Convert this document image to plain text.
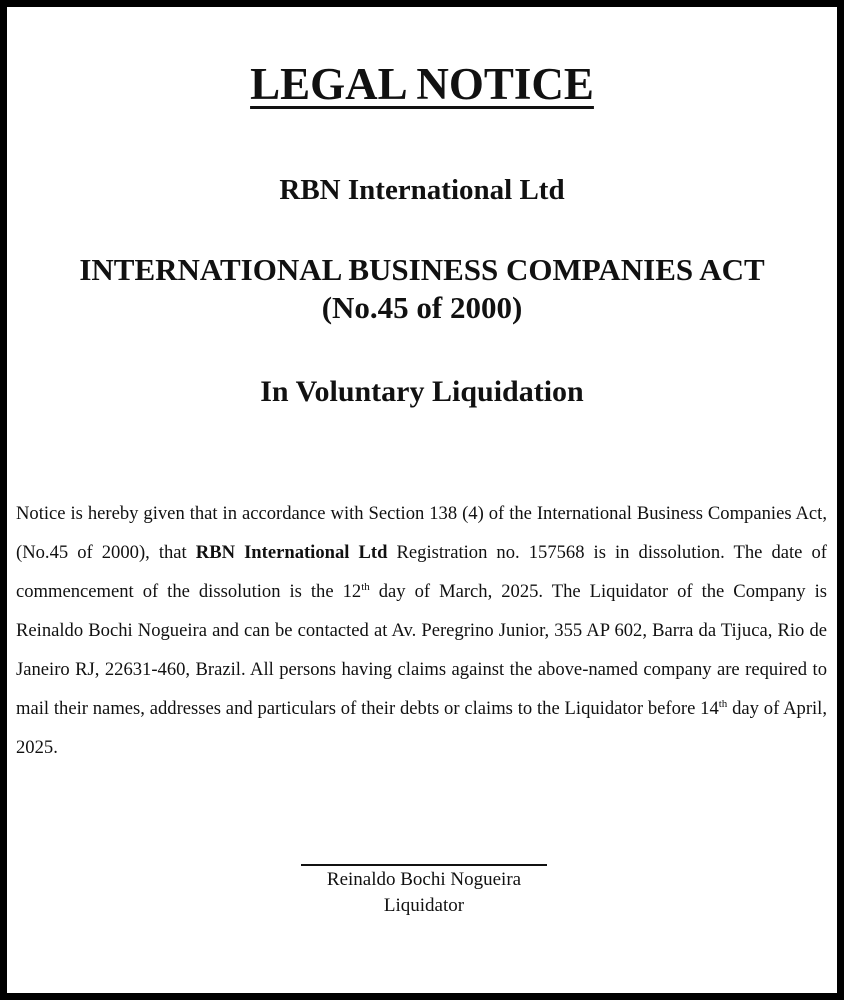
LEGAL NOTICE
RBN International Ltd
INTERNATIONAL BUSINESS COMPANIES ACT
(No.45 of 2000)
In Voluntary Liquidation
Notice is hereby given that in accordance with Section 138 (4) of the International Business Companies Act, (No.45 of 2000), that RBN International Ltd Registration no. 157568 is in dissolution. The date of commencement of the dissolution is the 12th day of March, 2025. The Liquidator of the Company is Reinaldo Bochi Nogueira and can be contacted at Av. Peregrino Junior, 355 AP 602, Barra da Tijuca, Rio de Janeiro RJ, 22631-460, Brazil. All persons having claims against the above-named company are required to mail their names, addresses and particulars of their debts or claims to the Liquidator before 14th day of April, 2025.
Reinaldo Bochi Nogueira
Liquidator
